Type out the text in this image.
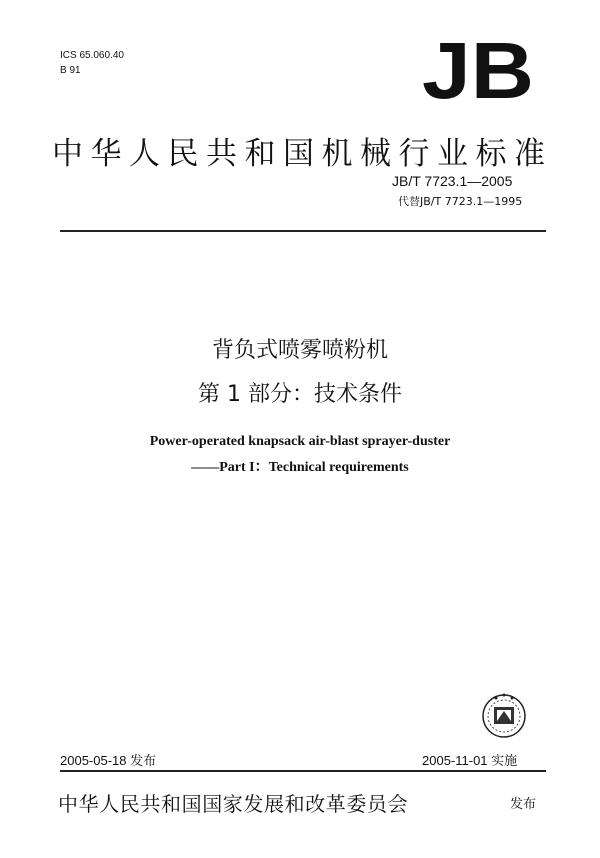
ICS 65.060.40
B 91	JB
中华人民共和国机械行业标准
JB/T 7723.1—2005
代替JB/T 7723.1—1995
背负式喷雾喷粉机
第 1 部分：技术条件
Power-operated knapsack air-blast sprayer-duster
——Part I：Technical requirements
2005-05-18 发布	2005-11-01 实施
中华人民共和国国家发展和改革委员会	发布
